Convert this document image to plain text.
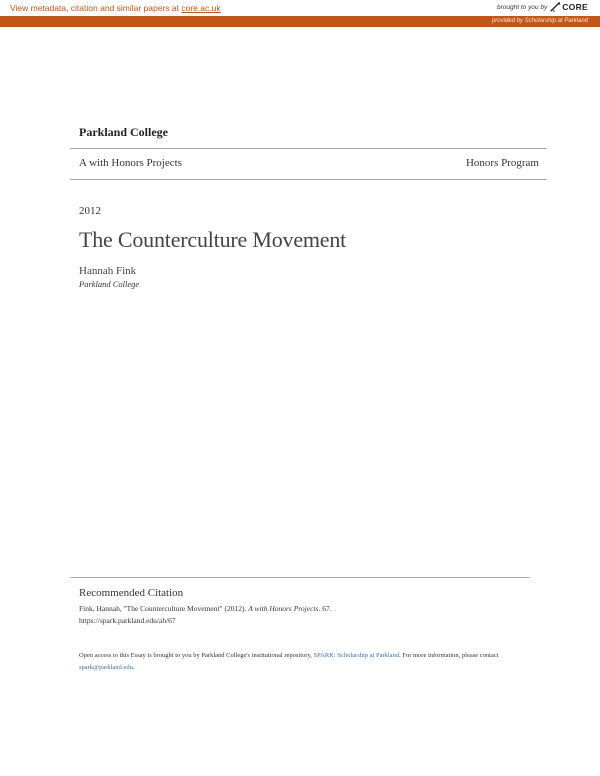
View metadata, citation and similar papers at core.ac.uk	brought to you by CORE
provided by Scholarship at Parkland
Parkland College
A with Honors Projects	Honors Program
2012
The Counterculture Movement
Hannah Fink
Parkland College
Recommended Citation
Fink, Hannah, "The Counterculture Movement" (2012). A with Honors Projects. 67.
https://spark.parkland.edu/ah/67
Open access to this Essay is brought to you by Parkland College's institutional repository, SPARK: Scholarship at Parkland. For more information, please contact spark@parkland.edu.
